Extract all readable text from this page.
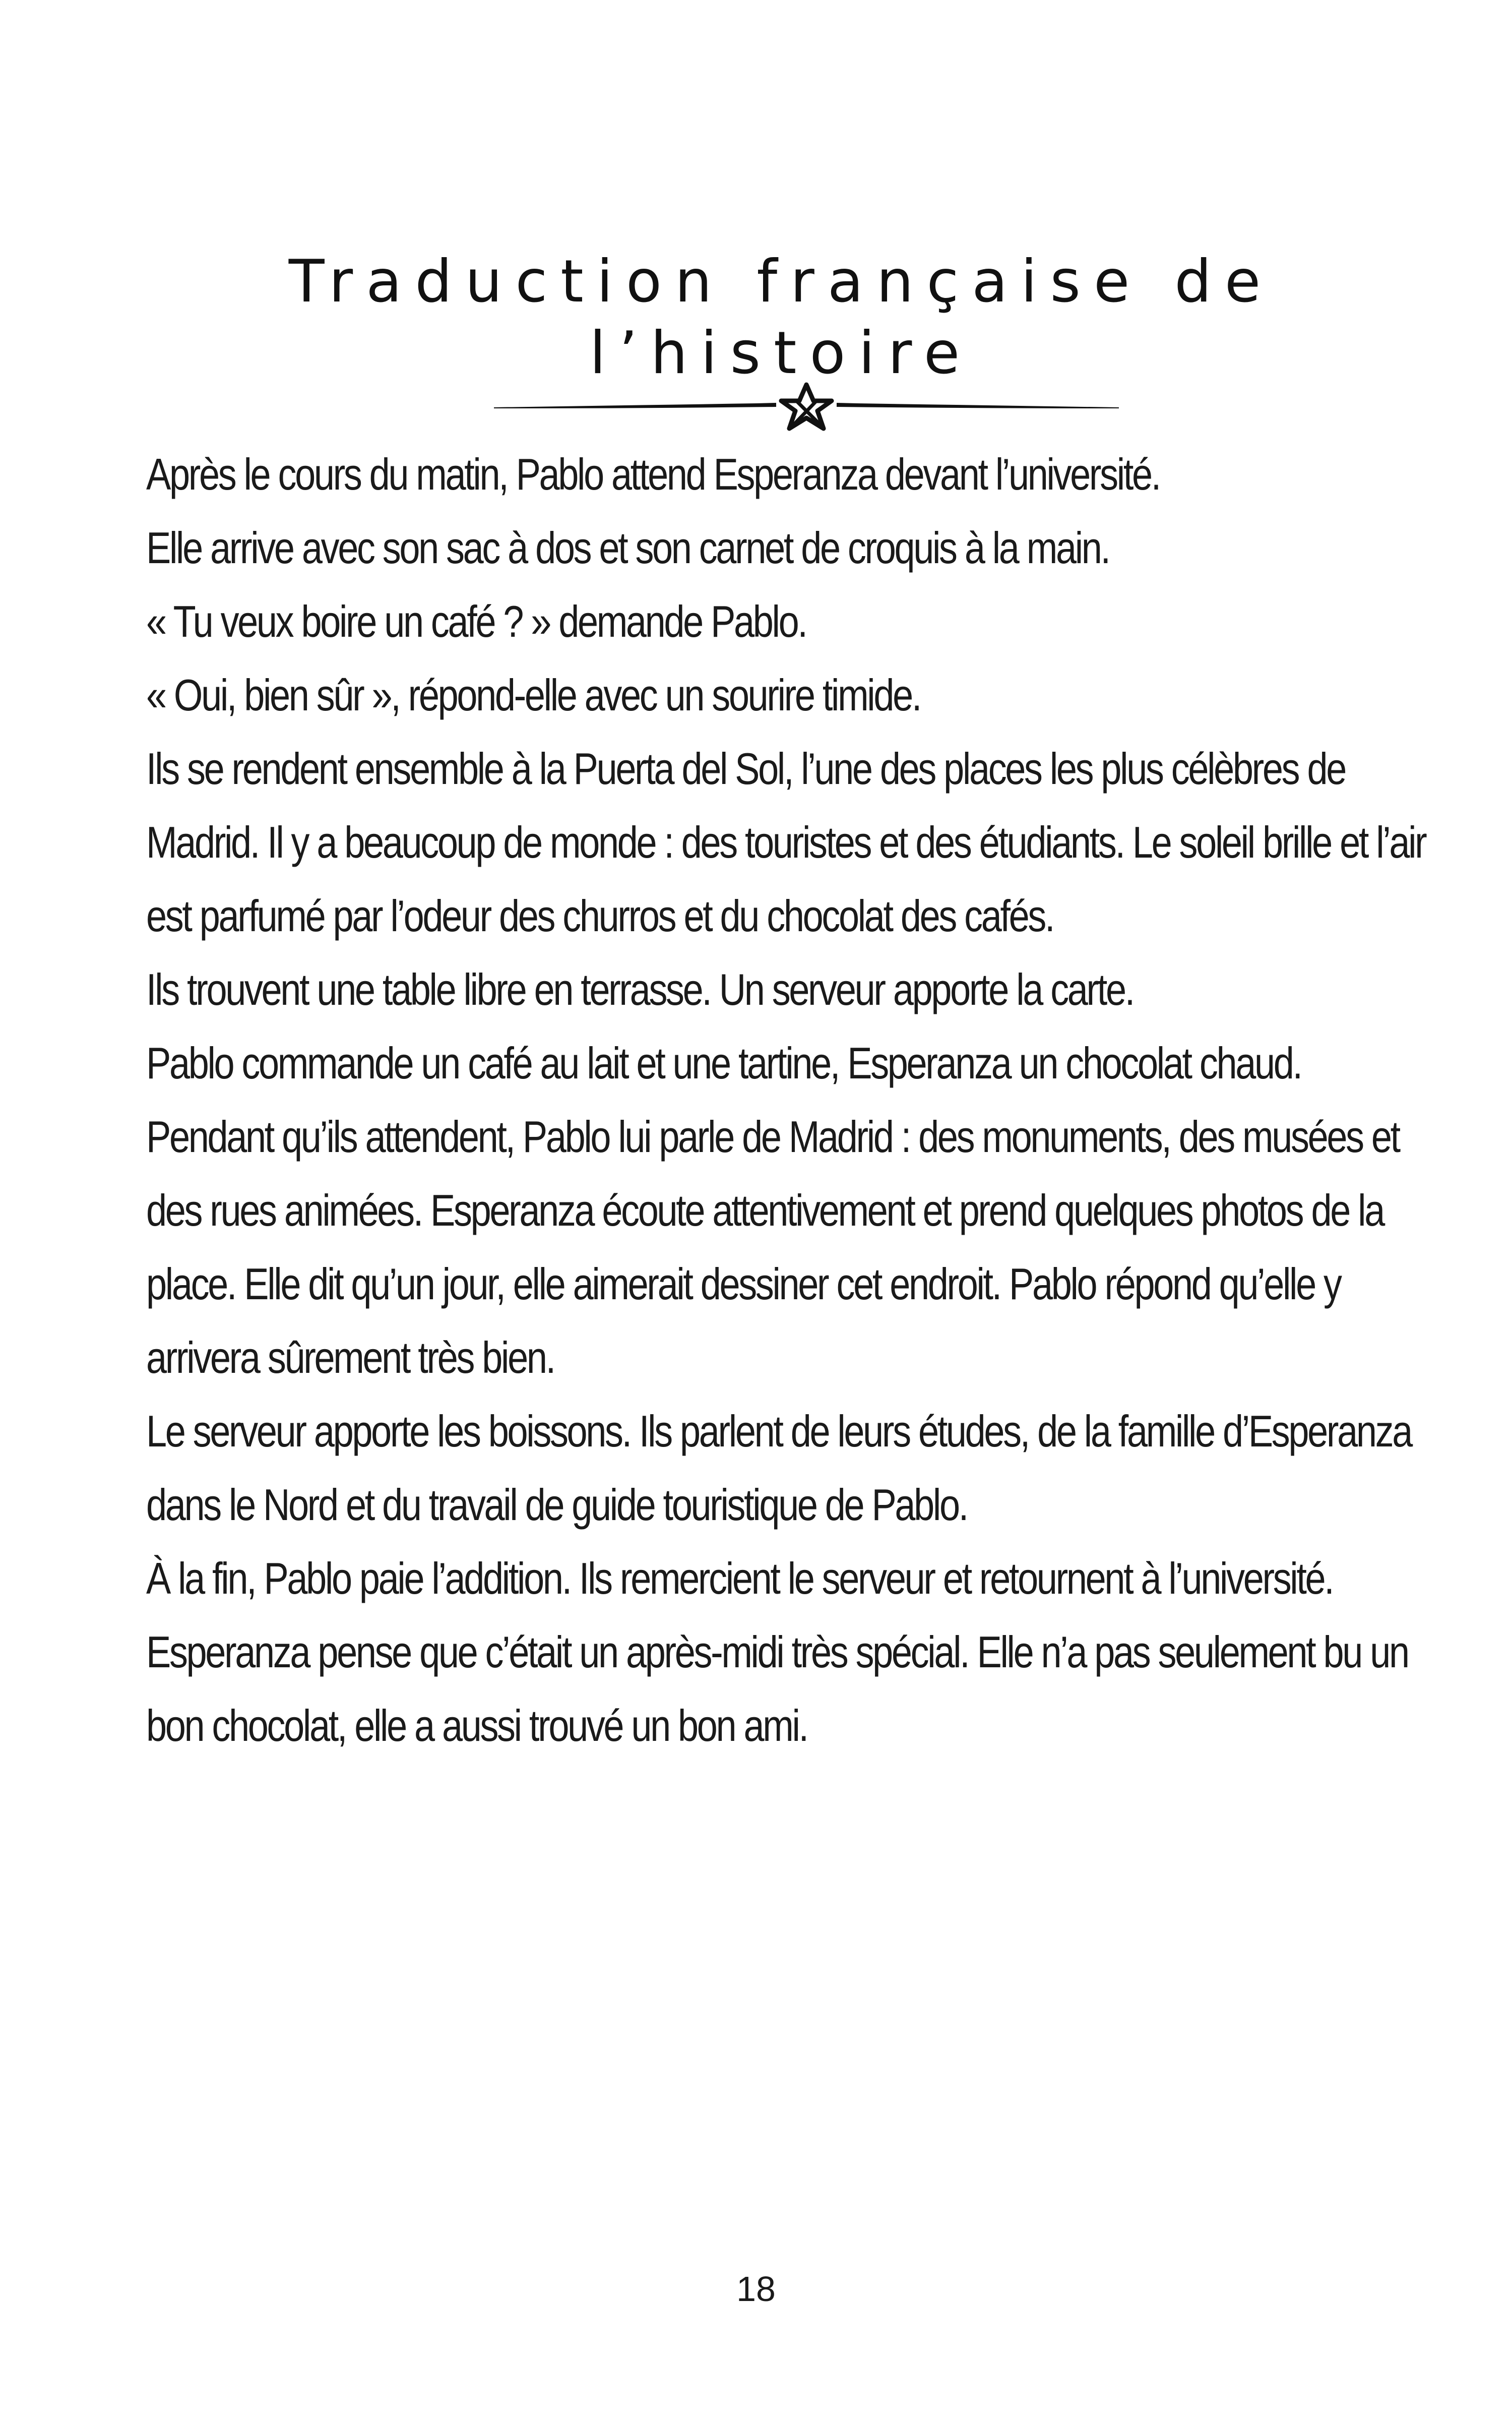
Traduction française de
l’histoire

Après le cours du matin, Pablo attend Esperanza devant l’université.

Elle arrive avec son sac à dos et son carnet de croquis à la main.

« Tu veux boire un café ? » demande Pablo.

« Oui, bien sûr », répond-elle avec un sourire timide.

Ils se rendent ensemble à la Puerta del Sol, l’une des places les plus célèbres de Madrid. Il y a beaucoup de monde : des touristes et des étudiants. Le soleil brille et l’air est parfumé par l’odeur des churros et du chocolat des cafés.

Ils trouvent une table libre en terrasse. Un serveur apporte la carte.

Pablo commande un café au lait et une tartine, Esperanza un chocolat chaud.

Pendant qu’ils attendent, Pablo lui parle de Madrid : des monuments, des musées et des rues animées. Esperanza écoute attentivement et prend quelques photos de la place. Elle dit qu’un jour, elle aimerait dessiner cet endroit. Pablo répond qu’elle y arrivera sûrement très bien.

Le serveur apporte les boissons. Ils parlent de leurs études, de la famille d’Esperanza dans le Nord et du travail de guide touristique de Pablo.

À la fin, Pablo paie l’addition. Ils remercient le serveur et retournent à l’université. Esperanza pense que c’était un après-midi très spécial. Elle n’a pas seulement bu un bon chocolat, elle a aussi trouvé un bon ami.

18
